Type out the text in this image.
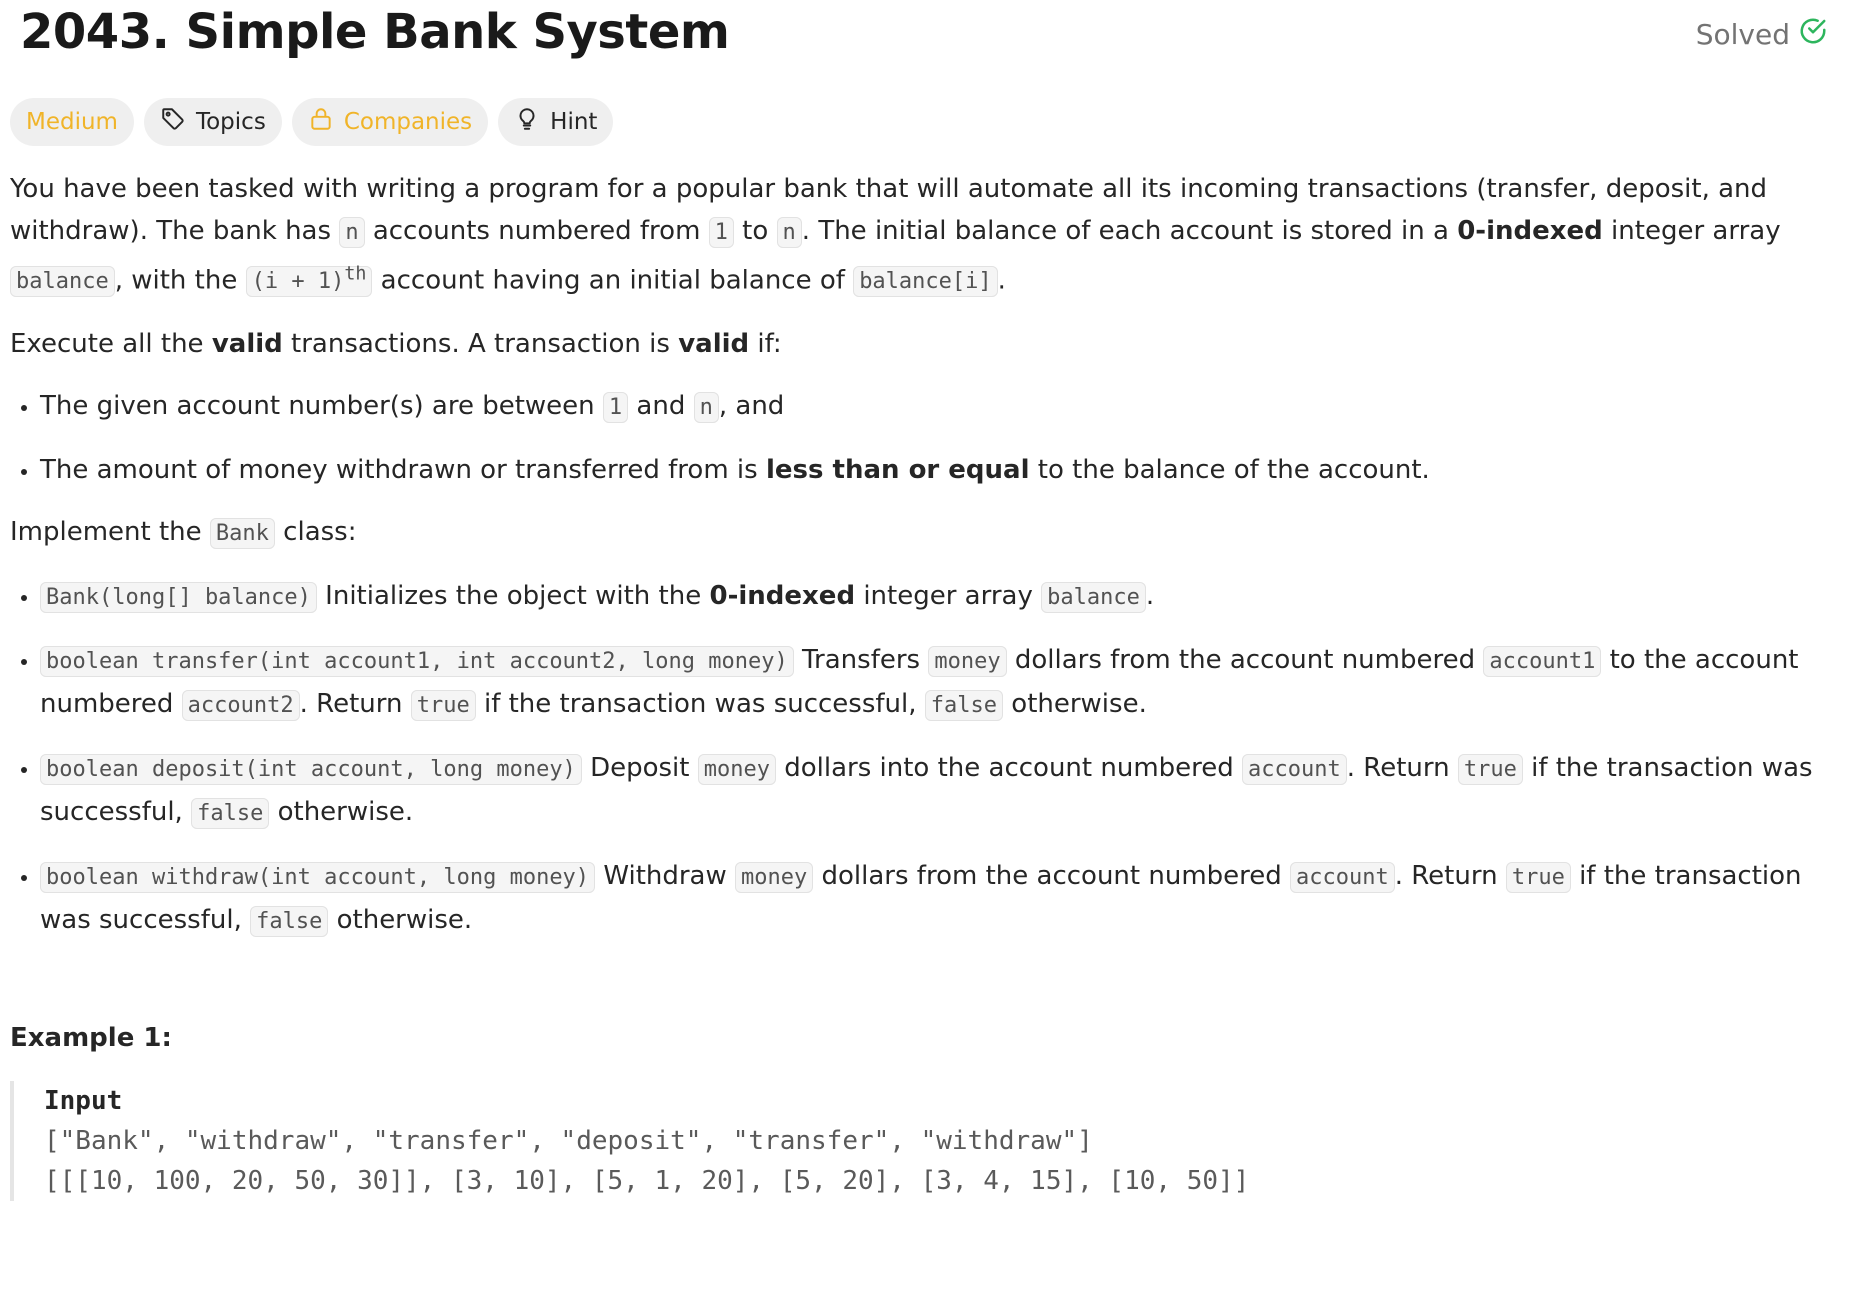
2043. Simple Bank System	Solved
Medium	Topics	Companies	Hint

You have been tasked with writing a program for a popular bank that will automate all its incoming transactions (transfer, deposit, and withdraw). The bank has n accounts numbered from 1 to n . The initial balance of each account is stored in a 0-indexed integer array balance , with the $(i + 1)^{th}$ account having an initial balance of balance[i] .

Execute all the valid transactions. A transaction is valid if:

• The given account number(s) are between 1 and n , and
• The amount of money withdrawn or transferred from is less than or equal to the balance of the account.

Implement the Bank class:

• Bank(long[] balance) Initializes the object with the 0-indexed integer array balance .
• boolean transfer(int account1, int account2, long money) Transfers money dollars from the account numbered account1 to the account numbered account2 . Return true if the transaction was successful, false otherwise.
• boolean deposit(int account, long money) Deposit money dollars into the account numbered account . Return true if the transaction was successful, false otherwise.
• boolean withdraw(int account, long money) Withdraw money dollars from the account numbered account . Return true if the transaction was successful, false otherwise.
Example 1:
Input
["Bank", "withdraw", "transfer", "deposit", "transfer", "withdraw"]
[[[10, 100, 20, 50, 30]], [3, 10], [5, 1, 20], [5, 20], [3, 4, 15], [10, 50]]
